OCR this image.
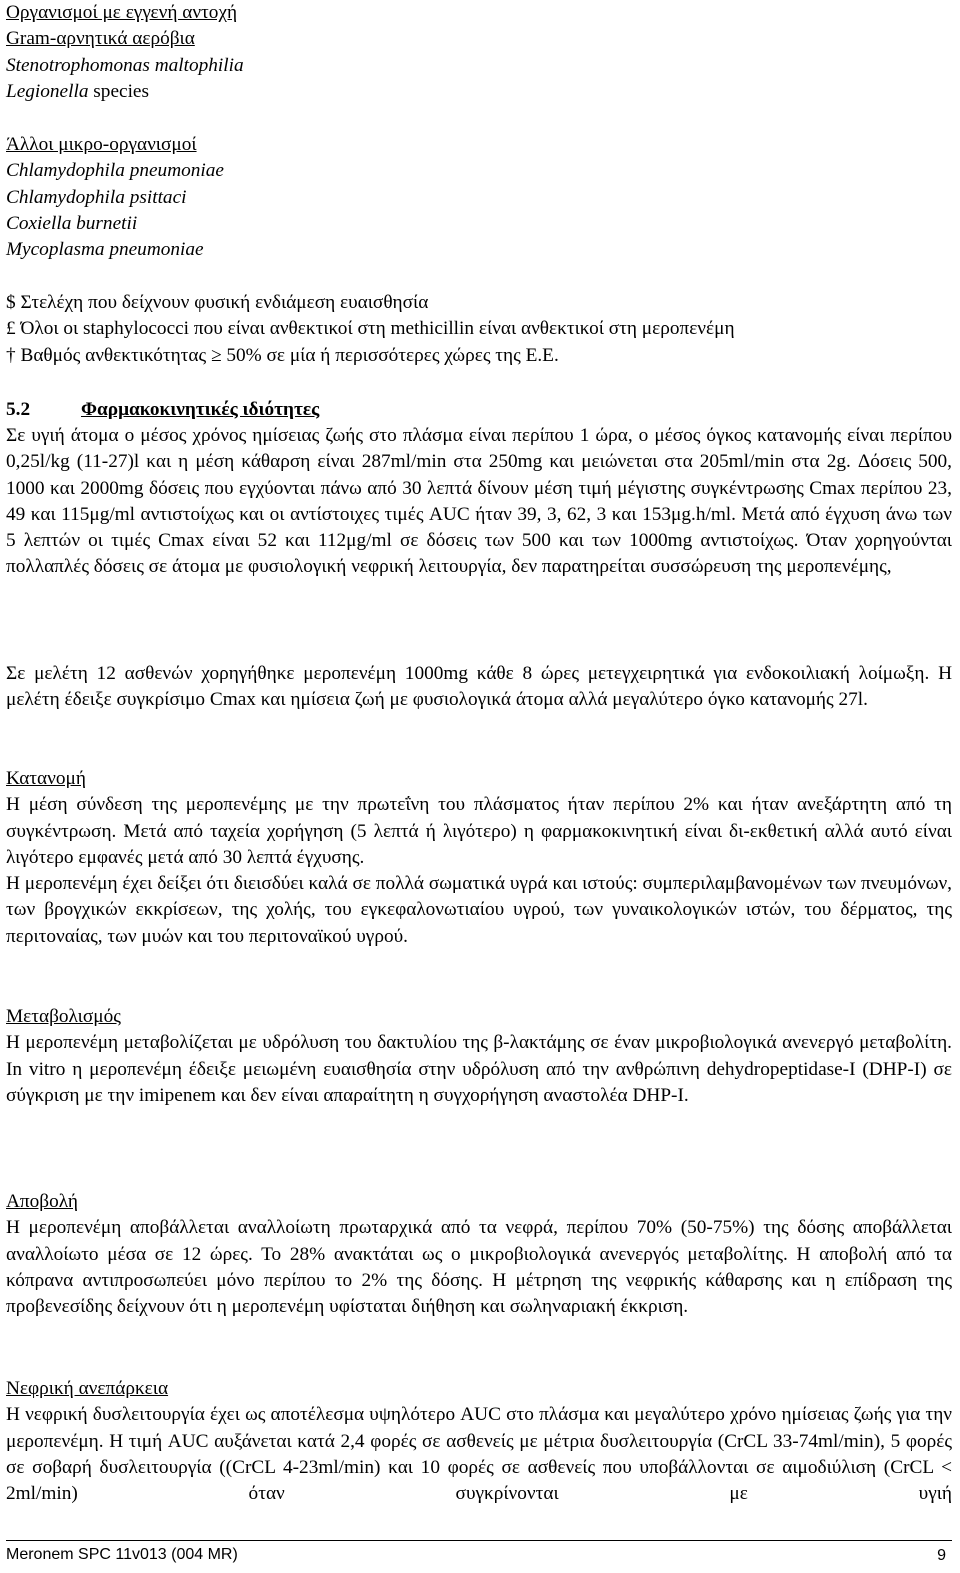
Οργανισμοί με εγγενή αντοχή
Gram-αρνητικά αερόβια
Stenotrophomonas maltophilia
Legionella species
Άλλοι μικρο-οργανισμοί
Chlamydophila pneumoniae
Chlamydophila psittaci
Coxiella burnetii
Mycoplasma pneumoniae
$ Στελέχη που δείχνουν φυσική ενδιάμεση ευαισθησία
£ Όλοι οι staphylococci που είναι ανθεκτικοί στη methicillin είναι ανθεκτικοί στη μεροπενέμη
† Βαθμός ανθεκτικότητας ≥ 50% σε μία ή περισσότερες χώρες της Ε.Ε.
5.2	Φαρμακοκινητικές ιδιότητες

Σε υγιή άτομα ο μέσος χρόνος ημίσειας ζωής στο πλάσμα είναι περίπου 1 ώρα, ο μέσος όγκος κατανομής είναι περίπου 0,25l/kg (11-27)l και η μέση κάθαρση είναι 287ml/min στα 250mg και μειώνεται στα 205ml/min στα 2g. Δόσεις 500, 1000 και 2000mg δόσεις που εγχύονται πάνω από 30 λεπτά δίνουν μέση τιμή μέγιστης συγκέντρωσης Cmax περίπου 23, 49 και 115μg/ml αντιστοίχως και οι αντίστοιχες τιμές AUC ήταν 39, 3, 62, 3 και 153μg.h/ml. Μετά από έγχυση άνω των 5 λεπτών οι τιμές Cmax είναι 52 και 112μg/ml σε δόσεις των 500 και των 1000mg αντιστοίχως. Όταν χορηγούνται πολλαπλές δόσεις σε άτομα με φυσιολογική νεφρική λειτουργία, δεν παρατηρείται συσσώρευση της μεροπενέμης,

Σε μελέτη 12 ασθενών χορηγήθηκε μεροπενέμη 1000mg κάθε 8 ώρες μετεγχειρητικά για ενδοκοιλιακή λοίμωξη. Η μελέτη έδειξε συγκρίσιμο Cmax και ημίσεια ζωή με φυσιολογικά άτομα αλλά μεγαλύτερο όγκο κατανομής 27l.

Κατανομή

Η μέση σύνδεση της μεροπενέμης με την πρωτεΐνη του πλάσματος ήταν περίπου 2% και ήταν ανεξάρτητη από τη συγκέντρωση. Μετά από ταχεία χορήγηση (5 λεπτά ή λιγότερο) η φαρμακοκινητική είναι δι-εκθετική αλλά αυτό είναι λιγότερο εμφανές μετά από 30 λεπτά έγχυσης.

Η μεροπενέμη έχει δείξει ότι διεισδύει καλά σε πολλά σωματικά υγρά και ιστούς: συμπεριλαμβανομένων των πνευμόνων, των βρογχικών εκκρίσεων, της χολής, του εγκεφαλονωτιαίου υγρού, των γυναικολογικών ιστών, του δέρματος, της περιτοναίας, των μυών και του περιτοναϊκού υγρού.

Μεταβολισμός

Η μεροπενέμη μεταβολίζεται με υδρόλυση του δακτυλίου της β-λακτάμης σε έναν μικροβιολογικά ανενεργό μεταβολίτη. In vitro η μεροπενέμη έδειξε μειωμένη ευαισθησία στην υδρόλυση από την ανθρώπινη dehydropeptidase-I (DHP-I) σε σύγκριση με την imipenem και δεν είναι απαραίτητη η συγχορήγηση αναστολέα DHP-I.

Αποβολή

Η μεροπενέμη αποβάλλεται αναλλοίωτη πρωταρχικά από τα νεφρά, περίπου 70% (50-75%) της δόσης αποβάλλεται αναλλοίωτο μέσα σε 12 ώρες. Το 28% ανακτάται ως ο μικροβιολογικά ανενεργός μεταβολίτης. Η αποβολή από τα κόπρανα αντιπροσωπεύει μόνο περίπου το 2% της δόσης. Η μέτρηση της νεφρικής κάθαρσης και η επίδραση της προβενεσίδης δείχνουν ότι η μεροπενέμη υφίσταται διήθηση και σωληναριακή έκκριση.

Νεφρική ανεπάρκεια

Η νεφρική δυσλειτουργία έχει ως αποτέλεσμα υψηλότερο AUC στο πλάσμα και μεγαλύτερο χρόνο ημίσειας ζωής για την μεροπενέμη. Η τιμή AUC αυξάνεται κατά 2,4 φορές σε ασθενείς με μέτρια δυσλειτουργία (CrCL 33-74ml/min), 5 φορές σε σοβαρή δυσλειτουργία ((CrCL 4-23ml/min) και 10 φορές σε ασθενείς που υποβάλλονται σε αιμοδιύλιση (CrCL < 2ml/min) όταν συγκρίνονται με υγιή

Meronem SPC 11v013 (004 MR)	9
